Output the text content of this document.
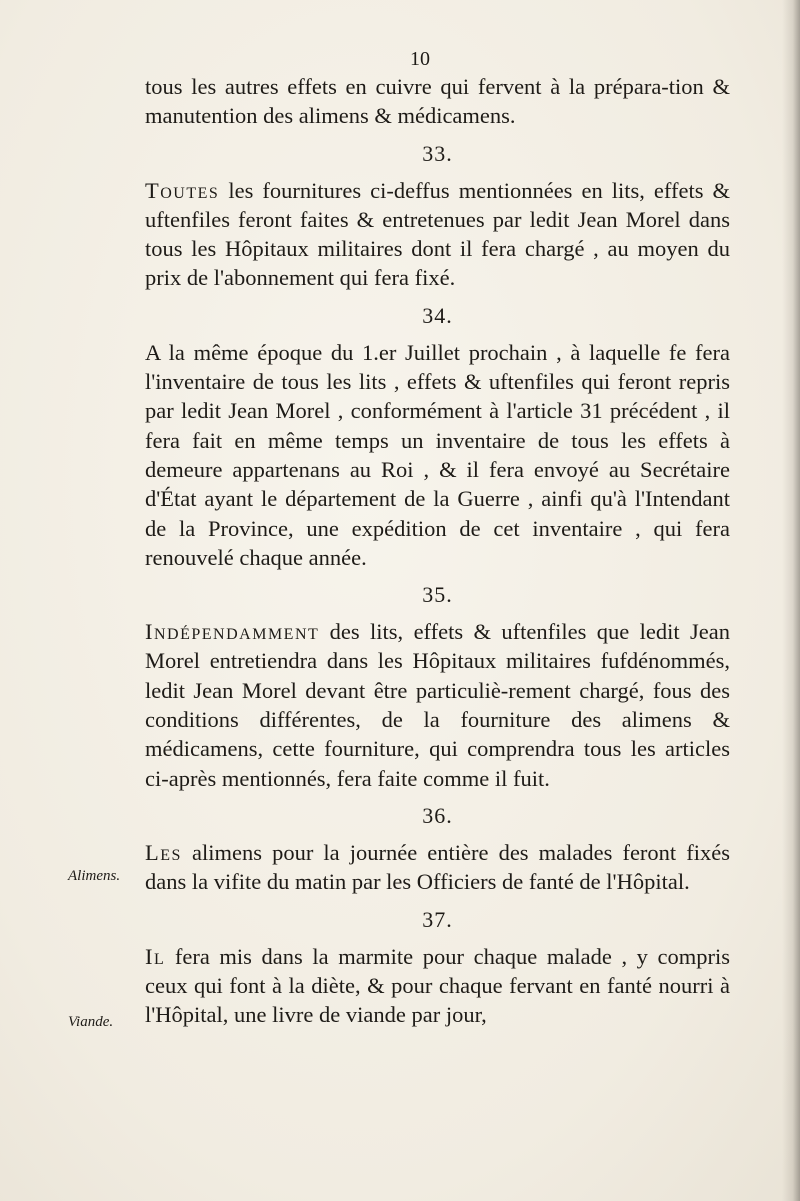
10

tous les autres effets en cuivre qui fervent à la prépara-tion & manutention des alimens & médicamens.

33.

Toutes les fournitures ci-deffus mentionnées en lits, effets & uftenfiles feront faites & entretenues par ledit Jean Morel dans tous les Hôpitaux militaires dont il fera chargé , au moyen du prix de l'abonnement qui fera fixé.

34.

A la même époque du 1.er Juillet prochain , à laquelle fe fera l'inventaire de tous les lits , effets & uftenfiles qui feront repris par ledit Jean Morel , conformément à l'article 31 précédent , il fera fait en même temps un inventaire de tous les effets à demeure appartenans au Roi , & il fera envoyé au Secrétaire d'État ayant le département de la Guerre , ainfi qu'à l'Intendant de la Province, une expédition de cet inventaire , qui fera renouvelé chaque année.

35.

Indépendamment des lits, effets & uftenfiles que ledit Jean Morel entretiendra dans les Hôpitaux militaires fufdénommés, ledit Jean Morel devant être particuliè-rement chargé, fous des conditions différentes, de la fourniture des alimens & médicamens, cette fourniture, qui comprendra tous les articles ci-après mentionnés, fera faite comme il fuit.

36.

Les alimens pour la journée entière des malades feront fixés dans la vifite du matin par les Officiers de fanté de l'Hôpital.

37.

Il fera mis dans la marmite pour chaque malade , y compris ceux qui font à la diète, & pour chaque fervant en fanté nourri à l'Hôpital, une livre de viande par jour,

Alimens.
Viande.
